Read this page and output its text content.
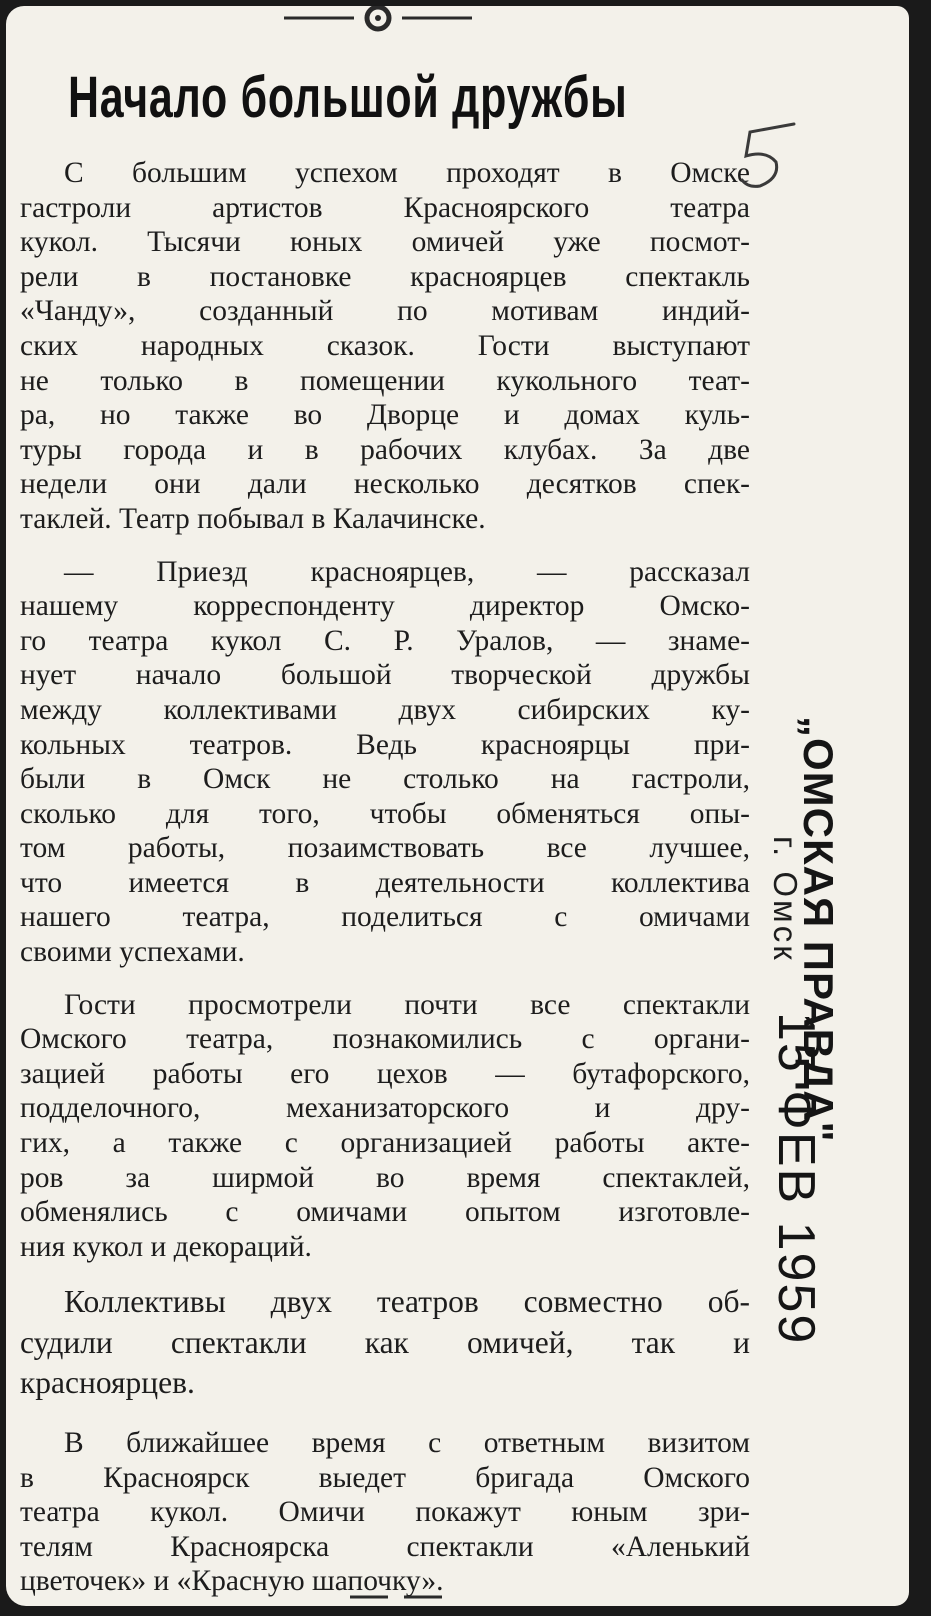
Начало большой дружбы

С большим успехом проходят в Омске
гастроли артистов Красноярского театра
кукол. Тысячи юных омичей уже посмот-
рели в постановке красноярцев спектакль
«Чанду», созданный по мотивам индий-
ских народных сказок. Гости выступают
не только в помещении кукольного теат-
ра, но также во Дворце и домах куль-
туры города и в рабочих клубах. За две
недели они дали несколько десятков спек-
таклей. Театр побывал в Калачинске.

— Приезд красноярцев, — рассказал
нашему корреспонденту директор Омско-
го театра кукол С. Р. Уралов, — знаме-
нует начало большой творческой дружбы
между коллективами двух сибирских ку-
кольных театров. Ведь красноярцы при-
были в Омск не столько на гастроли,
сколько для того, чтобы обменяться опы-
том работы, позаимствовать все лучшее,
что имеется в деятельности коллектива
нашего театра, поделиться с омичами
своими успехами.

Гости просмотрели почти все спектакли
Омского театра, познакомились с органи-
зацией работы его цехов — бутафорского,
подделочного, механизаторского и дру-
гих, а также с организацией работы акте-
ров за ширмой во время спектаклей,
обменялись с омичами опытом изготовле-
ния кукол и декораций.

Коллективы двух театров совместно об-
судили спектакли как омичей, так и
красноярцев.

В ближайшее время с ответным визитом
в Красноярск выедет бригада Омского
театра кукол. Омичи покажут юным зри-
телям Красноярска спектакли «Аленький
цветочек» и «Красную шапочку».

„ОМСКАЯ ПРАВДА"
г. Омск
15 ФЕВ 1959
